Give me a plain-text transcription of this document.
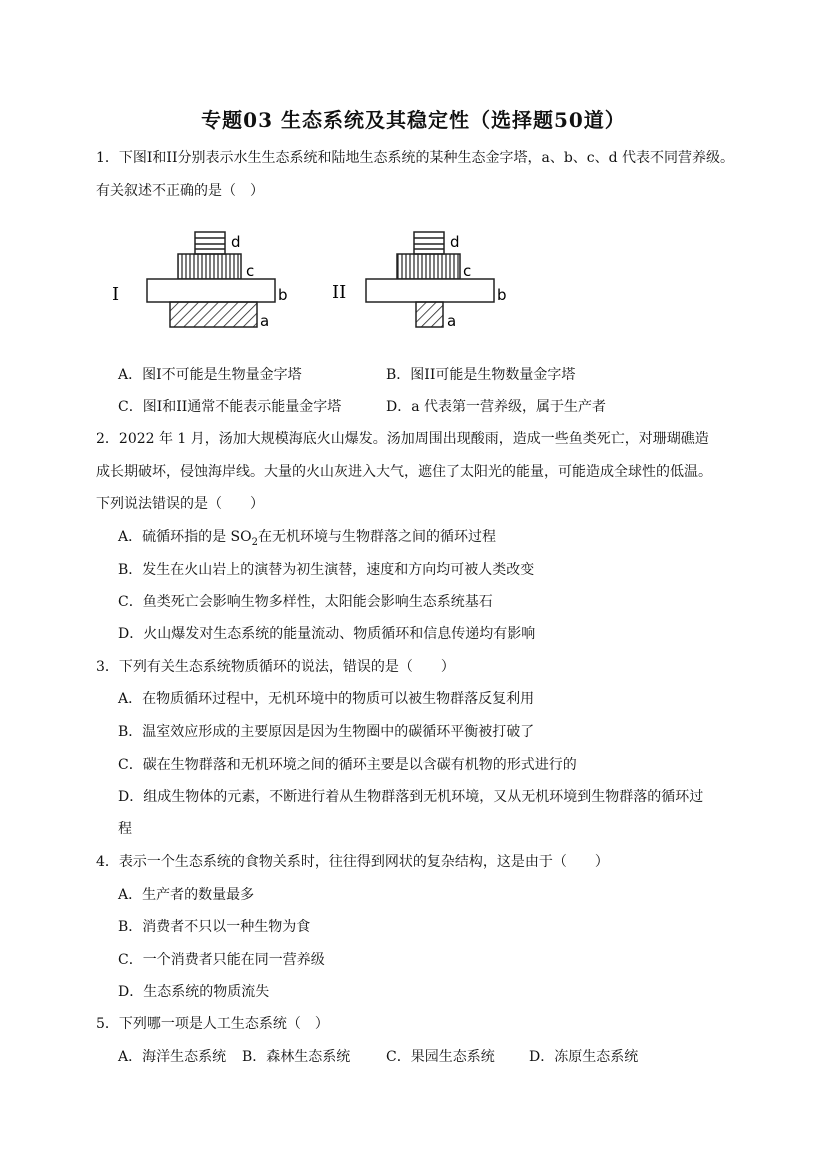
专题03 生态系统及其稳定性（选择题50道）
1．下图I和II分别表示水生生态系统和陆地生态系统的某种生态金字塔，a、b、c、d 代表不同营养级。
有关叙述不正确的是（　）
I
d
c
b
a
II
d
c
b
a
A．图I不可能是生物量金字塔	B．图II可能是生物数量金字塔
C．图I和II通常不能表示能量金字塔	D．a 代表第一营养级，属于生产者
2．2022 年 1 月，汤加大规模海底火山爆发。汤加周围出现酸雨，造成一些鱼类死亡，对珊瑚礁造
成长期破坏，侵蚀海岸线。大量的火山灰进入大气，遮住了太阳光的能量，可能造成全球性的低温。
下列说法错误的是（　　）
A．硫循环指的是 $SO_2$在无机环境与生物群落之间的循环过程
B．发生在火山岩上的演替为初生演替，速度和方向均可被人类改变
C．鱼类死亡会影响生物多样性，太阳能会影响生态系统基石
D．火山爆发对生态系统的能量流动、物质循环和信息传递均有影响
3．下列有关生态系统物质循环的说法，错误的是（　　）
A．在物质循环过程中，无机环境中的物质可以被生物群落反复利用
B．温室效应形成的主要原因是因为生物圈中的碳循环平衡被打破了
C．碳在生物群落和无机环境之间的循环主要是以含碳有机物的形式进行的
D．组成生物体的元素，不断进行着从生物群落到无机环境，又从无机环境到生物群落的循环过
程
4．表示一个生态系统的食物关系时，往往得到网状的复杂结构，这是由于（　　）
A．生产者的数量最多
B．消费者不只以一种生物为食
C．一个消费者只能在同一营养级
D．生态系统的物质流失
5．下列哪一项是人工生态系统（　）
A．海洋生态系统 B．森林生态系统	C．果园生态系统 D．冻原生态系统
